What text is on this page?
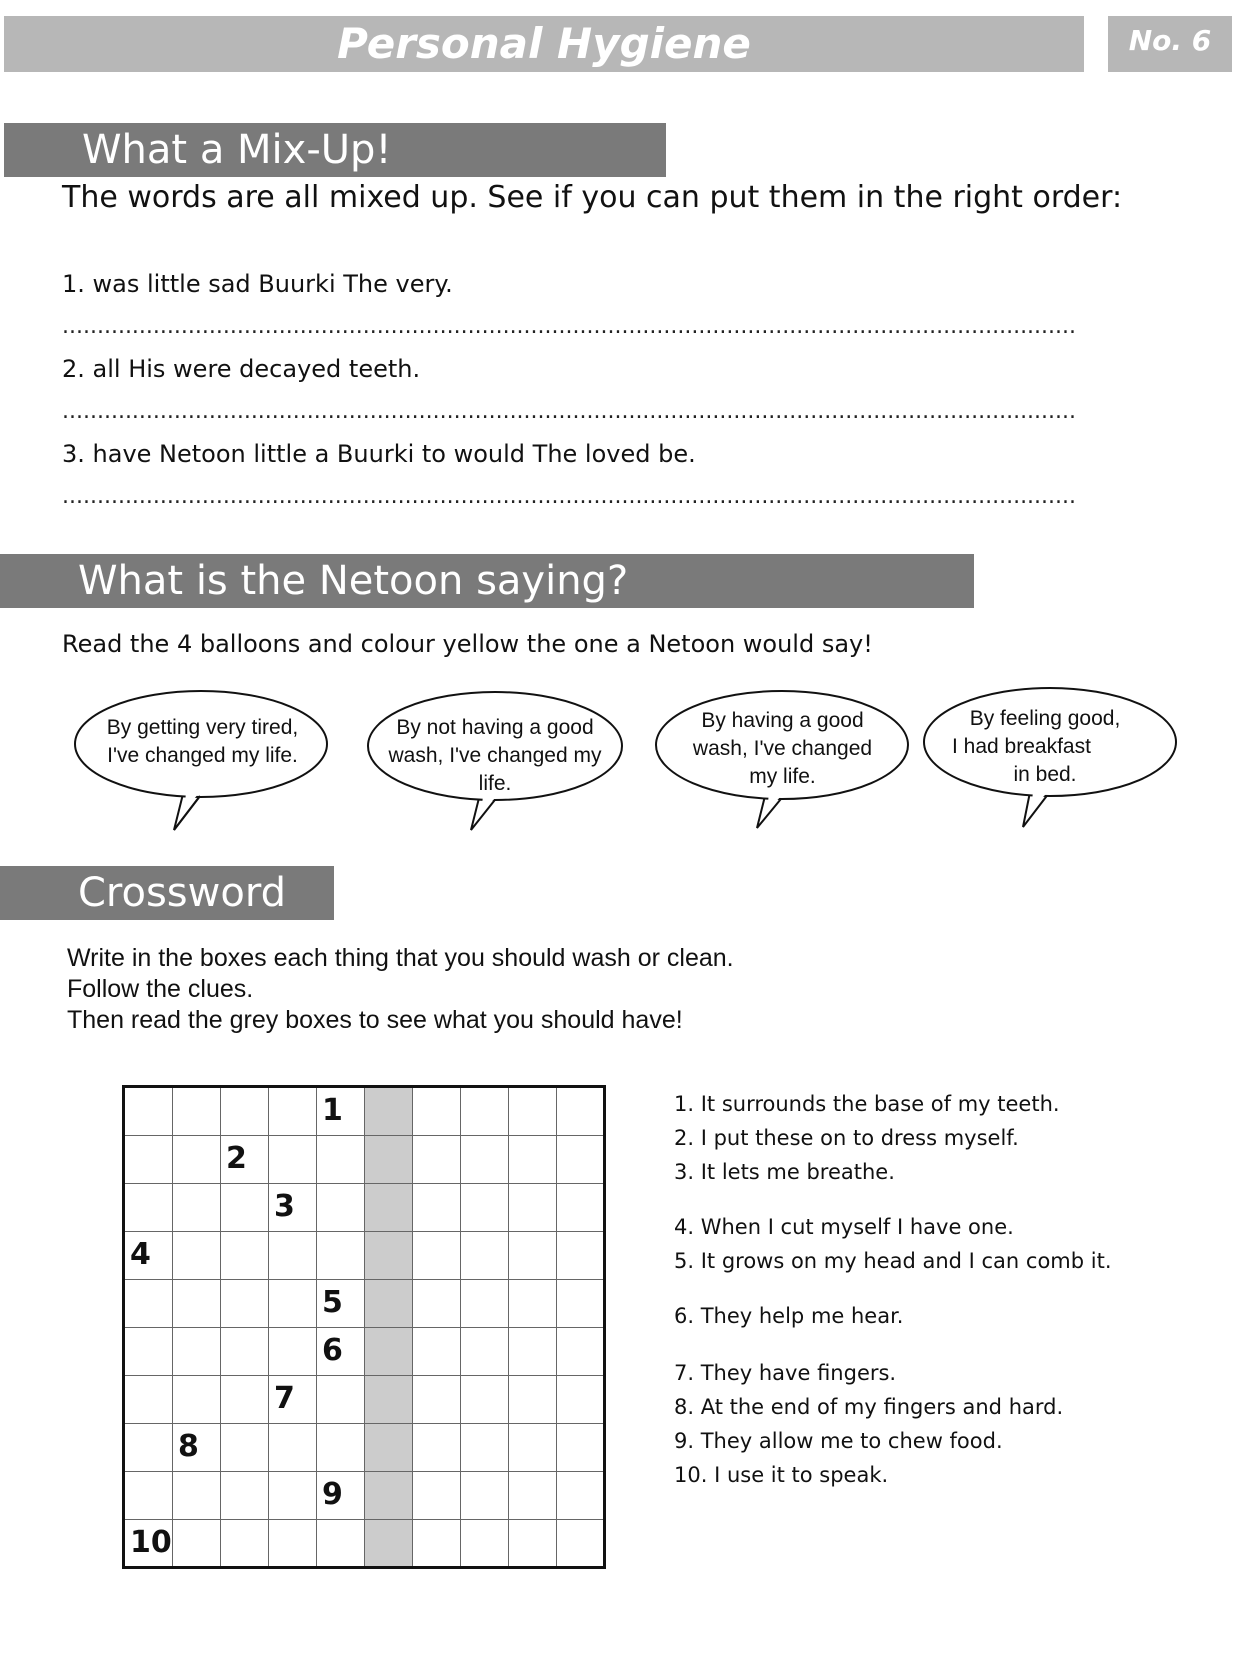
Personal Hygiene	No. 6
What a Mix-Up!
The words are all mixed up. See if you can put them in the right order:
1. was little sad Buurki The very.
.................................................................................................................................................
2. all His were decayed teeth.
.................................................................................................................................................
3. have Netoon little a Buurki to would The loved be.
.................................................................................................................................................
What is the Netoon saying?
Read the 4 balloons and colour yellow the one a Netoon would say!
By getting very tired,
I've changed my life.
By not having a good
wash, I've changed my
life.
By having a good
wash, I've changed
my life.
By feeling good,
I had breakfast
in bed.
Crossword
Write in the boxes each thing that you should wash or clean.
Follow the clues.
Then read the grey boxes to see what you should have!
1
2
3
4
5
6
7
8
9
10
1. It surrounds the base of my teeth.
2. I put these on to dress myself.
3. It lets me breathe.
4. When I cut myself I have one.
5. It grows on my head and I can comb it.
6. They help me hear.
7. They have fingers.
8. At the end of my fingers and hard.
9. They allow me to chew food.
10. I use it to speak.
